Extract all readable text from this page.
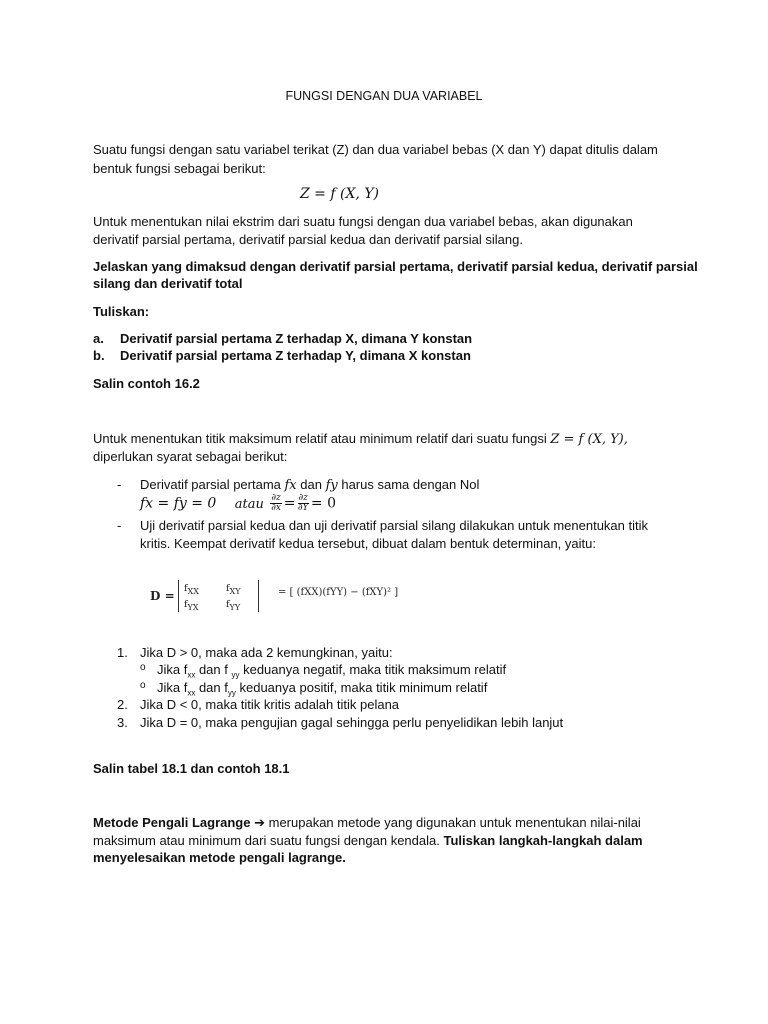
FUNGSI DENGAN DUA VARIABEL
Suatu fungsi dengan satu variabel terikat (Z) dan dua variabel bebas (X dan Y) dapat ditulis dalam
bentuk fungsi sebagai berikut:
Z = f (X, Y)
Untuk menentukan nilai ekstrim dari suatu fungsi dengan dua variabel bebas, akan digunakan
derivatif parsial pertama, derivatif parsial kedua dan derivatif parsial silang.
Jelaskan yang dimaksud dengan derivatif parsial pertama, derivatif parsial kedua, derivatif parsial
silang dan derivatif total
Tuliskan:
a. Derivatif parsial pertama Z terhadap X, dimana Y konstan
b. Derivatif parsial pertama Z terhadap Y, dimana X konstan
Salin contoh 16.2
Untuk menentukan titik maksimum relatif atau minimum relatif dari suatu fungsi Z = f (X, Y),
diperlukan syarat sebagai berikut:
- Derivatif parsial pertama fx dan fy harus sama dengan Nol
fx = fy = 0 atau $\frac{\partial z}{\partial x} = \frac{\partial z}{\partial Y} = 0$
- Uji derivatif parsial kedua dan uji derivatif parsial silang dilakukan untuk menentukan titik
kritis. Keempat derivatif kedua tersebut, dibuat dalam bentuk determinan, yaitu:
D =
$f_{XX}$	$f_{XY}$
$f_{YX}$	$f_{YY}$
= [ (fXX)(fYY) − (fXY)² ]
1. Jika D > 0, maka ada 2 kemungkinan, yaitu:
o Jika $f_{xx}$ dan f $_{yy}$ keduanya negatif, maka titik maksimum relatif
o Jika $f_{xx}$ dan $f_{yy}$ keduanya positif, maka titik minimum relatif
2. Jika D < 0, maka titik kritis adalah titik pelana
3. Jika D = 0, maka pengujian gagal sehingga perlu penyelidikan lebih lanjut
Salin tabel 18.1 dan contoh 18.1
Metode Pengali Lagrange ➔ merupakan metode yang digunakan untuk menentukan nilai-nilai
maksimum atau minimum dari suatu fungsi dengan kendala. Tuliskan langkah-langkah dalam
menyelesaikan metode pengali lagrange.
